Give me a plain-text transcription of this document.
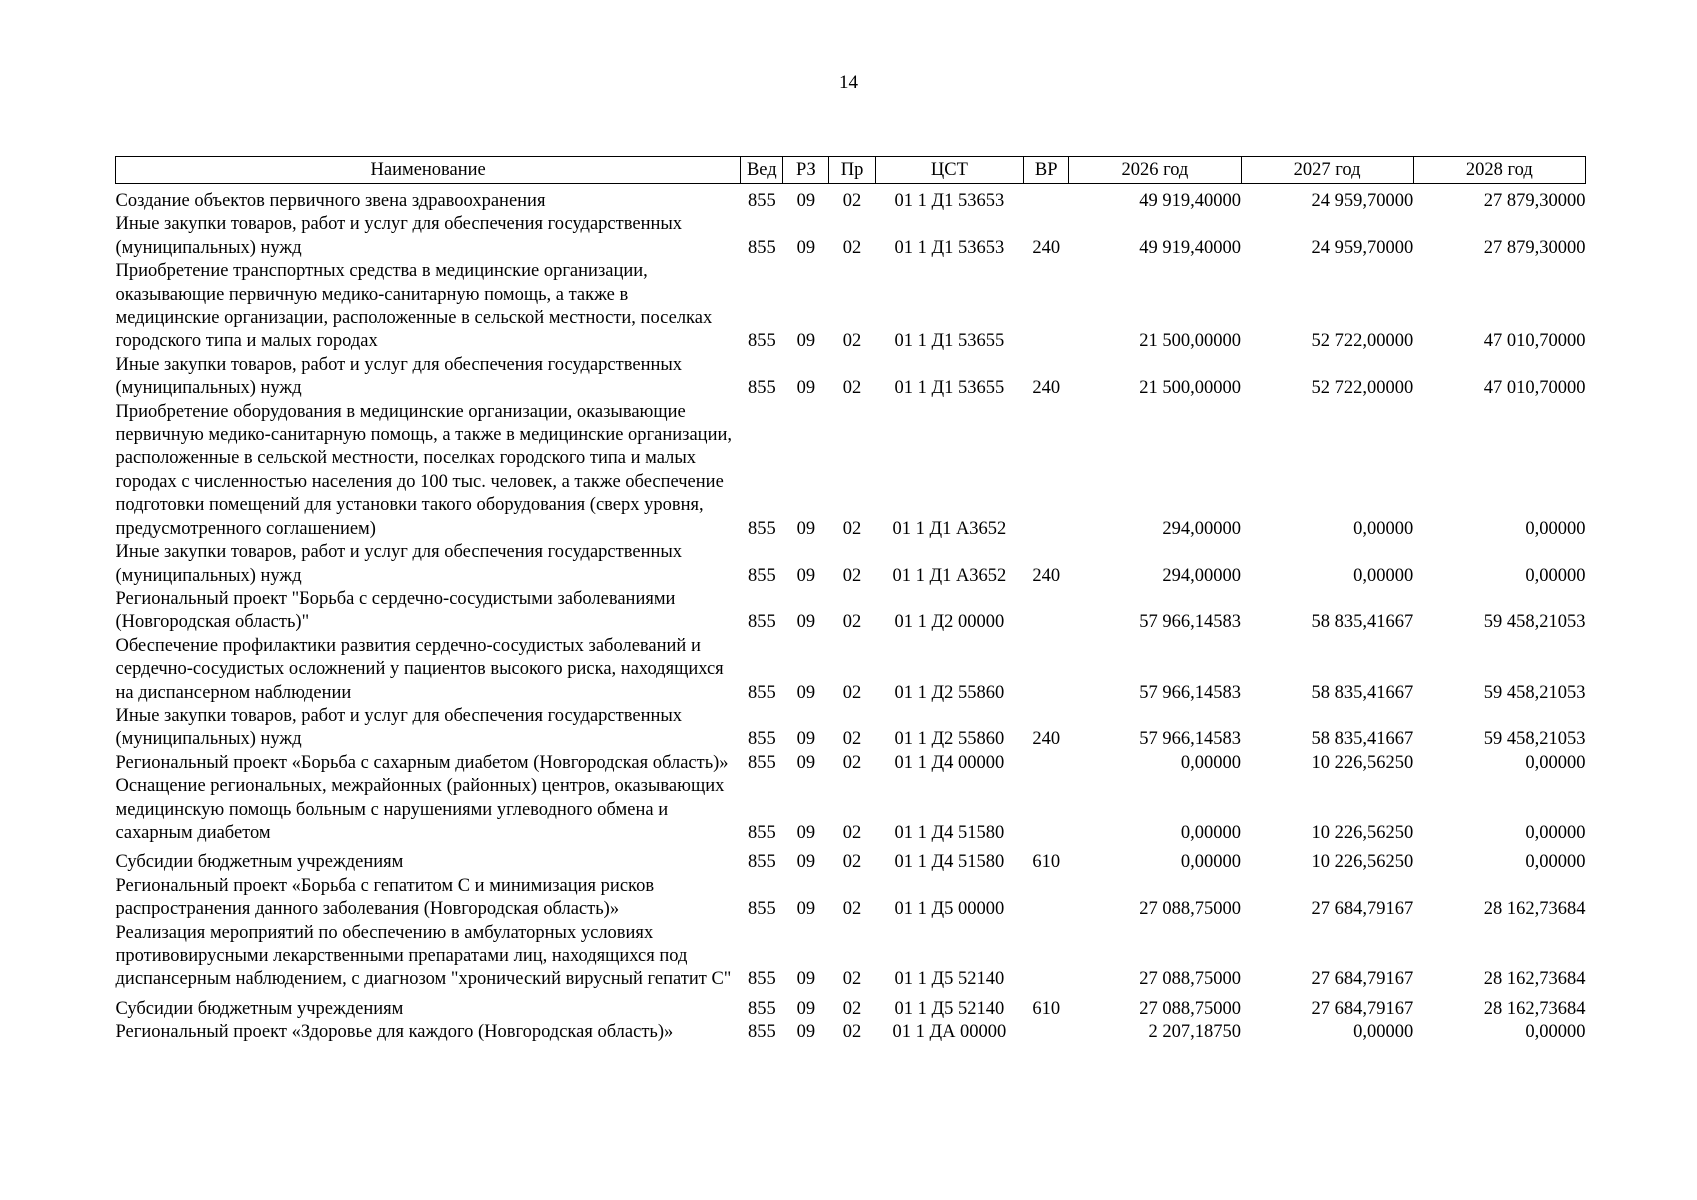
14
Наименование	Вед	РЗ	Пр	ЦСТ	ВР	2026 год	2027 год	2028 год
Создание объектов первичного звена здравоохранения	855	09	02	01 1 Д1 53653		49 919,40000	24 959,70000	27 879,30000
Иные закупки товаров, работ и услуг для обеспечения государственных (муниципальных) нужд	855	09	02	01 1 Д1 53653	240	49 919,40000	24 959,70000	27 879,30000
Приобретение транспортных средства в медицинские организации, оказывающие первичную медико-санитарную помощь, а также в медицинские организации, расположенные в сельской местности, поселках городского типа и малых городах	855	09	02	01 1 Д1 53655		21 500,00000	52 722,00000	47 010,70000
Иные закупки товаров, работ и услуг для обеспечения государственных (муниципальных) нужд	855	09	02	01 1 Д1 53655	240	21 500,00000	52 722,00000	47 010,70000
Приобретение оборудования в медицинские организации, оказывающие первичную медико-санитарную помощь, а также в медицинские организации, расположенные в сельской местности, поселках городского типа и малых городах с численностью населения до 100 тыс. человек, а также обеспечение подготовки помещений для установки такого оборудования (сверх уровня, предусмотренного соглашением)	855	09	02	01 1 Д1 А3652		294,00000	0,00000	0,00000
Иные закупки товаров, работ и услуг для обеспечения государственных (муниципальных) нужд	855	09	02	01 1 Д1 А3652	240	294,00000	0,00000	0,00000
Региональный проект "Борьба с сердечно-сосудистыми заболеваниями (Новгородская область)"	855	09	02	01 1 Д2 00000		57 966,14583	58 835,41667	59 458,21053
Обеспечение профилактики развития сердечно-сосудистых заболеваний и сердечно-сосудистых осложнений у пациентов высокого риска, находящихся на диспансерном наблюдении	855	09	02	01 1 Д2 55860		57 966,14583	58 835,41667	59 458,21053
Иные закупки товаров, работ и услуг для обеспечения государственных (муниципальных) нужд	855	09	02	01 1 Д2 55860	240	57 966,14583	58 835,41667	59 458,21053
Региональный проект «Борьба с сахарным диабетом (Новгородская область)»	855	09	02	01 1 Д4 00000		0,00000	10 226,56250	0,00000
Оснащение региональных, межрайонных (районных) центров, оказывающих медицинскую помощь больным с нарушениями углеводного обмена и сахарным диабетом	855	09	02	01 1 Д4 51580		0,00000	10 226,56250	0,00000
Субсидии бюджетным учреждениям	855	09	02	01 1 Д4 51580	610	0,00000	10 226,56250	0,00000
Региональный проект «Борьба с гепатитом С и минимизация рисков распространения данного заболевания (Новгородская область)»	855	09	02	01 1 Д5 00000		27 088,75000	27 684,79167	28 162,73684
Реализация мероприятий по обеспечению в амбулаторных условиях противовирусными лекарственными препаратами лиц, находящихся под диспансерным наблюдением, с диагнозом "хронический вирусный гепатит С"	855	09	02	01 1 Д5 52140		27 088,75000	27 684,79167	28 162,73684
Субсидии бюджетным учреждениям	855	09	02	01 1 Д5 52140	610	27 088,75000	27 684,79167	28 162,73684
Региональный проект «Здоровье для каждого (Новгородская область)»	855	09	02	01 1 ДА 00000		2 207,18750	0,00000	0,00000
